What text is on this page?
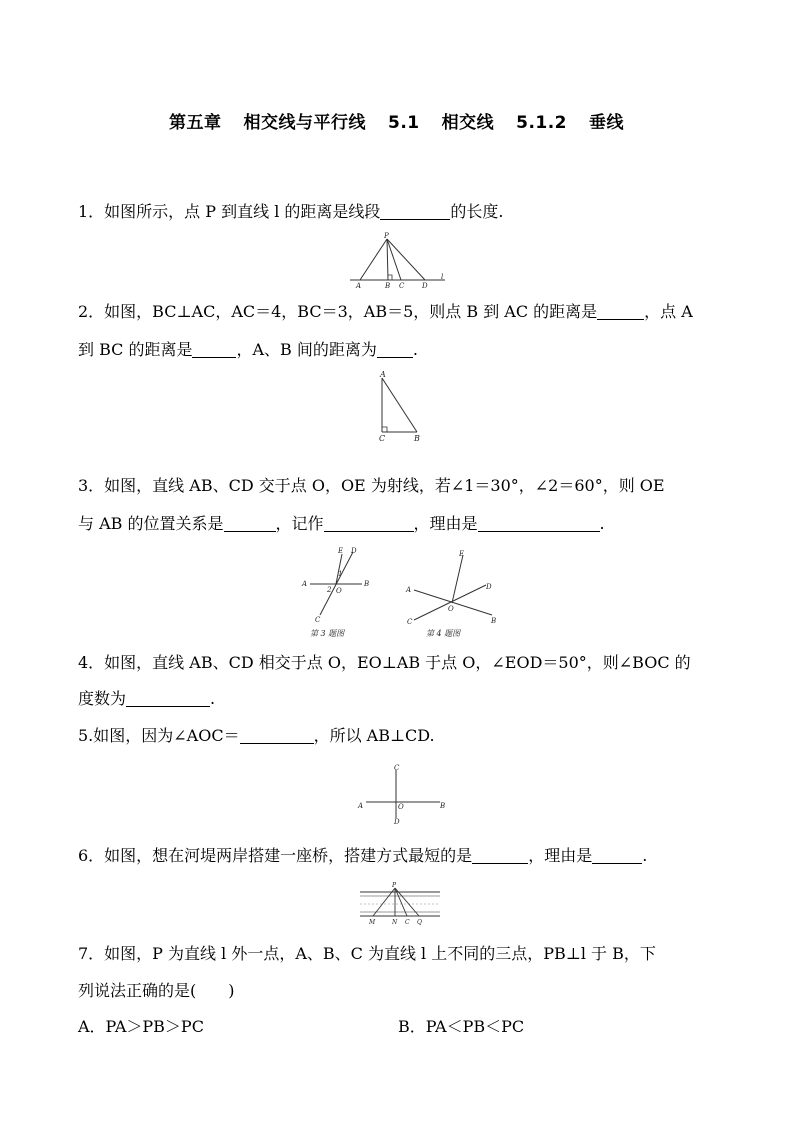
第五章 相交线与平行线 5.1 相交线 5.1.2 垂线
1．如图所示，点 P 到直线 l 的距离是线段	的长度.
P
A	B C	D
l
2．如图，BC⊥AC，AC＝4，BC＝3，AB＝5，则点 B 到 AC 的距离是	，点 A
到 BC 的距离是	，A、B 间的距离为 .
A
C	B
3．如图，直线 AB、CD 交于点 O，OE 为射线，若∠1＝30°，∠2＝60°，则 OE
与 AB 的位置关系是	，记作	，理由是	.
E D
1
A
2 O
B
C
第 3 题图
E
D
A
O
C	B
第 4 题图
4．如图，直线 AB、CD 相交于点 O，EO⊥AB 于点 O，∠EOD＝50°，则∠BOC 的
度数为	.
5.如图，因为∠AOC＝	，所以 AB⊥CD.
C
A	O	B
D
6．如图，想在河堤两岸搭建一座桥，搭建方式最短的是	，理由是	.
P
M	N C Q
7．如图，P 为直线 l 外一点，A、B、C 为直线 l 上不同的三点，PB⊥l 于 B，下
列说法正确的是(　　)
A．PA＞PB＞PC	B．PA＜PB＜PC
